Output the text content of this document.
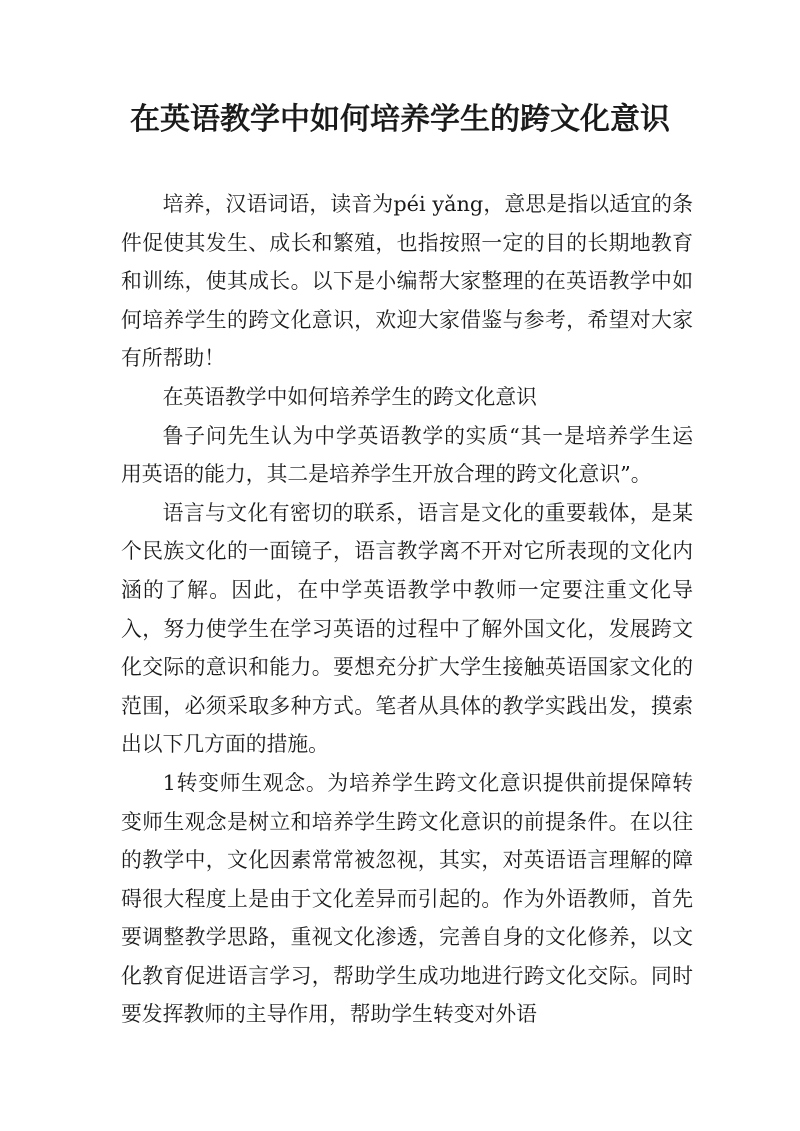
在英语教学中如何培养学生的跨文化意识

培养，汉语词语，读音为péi yǎng，意思是指以适宜的条件促使其发生、成长和繁殖，也指按照一定的目的长期地教育和训练，使其成长。以下是小编帮大家整理的在英语教学中如何培养学生的跨文化意识，欢迎大家借鉴与参考，希望对大家有所帮助！

在英语教学中如何培养学生的跨文化意识

鲁子问先生认为中学英语教学的实质“其一是培养学生运用英语的能力，其二是培养学生开放合理的跨文化意识”。

语言与文化有密切的联系，语言是文化的重要载体，是某个民族文化的一面镜子，语言教学离不开对它所表现的文化内涵的了解。因此，在中学英语教学中教师一定要注重文化导入，努力使学生在学习英语的过程中了解外国文化，发展跨文化交际的意识和能力。要想充分扩大学生接触英语国家文化的范围，必须采取多种方式。笔者从具体的教学实践出发，摸索出以下几方面的措施。

1转变师生观念。为培养学生跨文化意识提供前提保障转变师生观念是树立和培养学生跨文化意识的前提条件。在以往的教学中，文化因素常常被忽视，其实，对英语语言理解的障碍很大程度上是由于文化差异而引起的。作为外语教师，首先要调整教学思路，重视文化渗透，完善自身的文化修养，以文化教育促进语言学习，帮助学生成功地进行跨文化交际。同时要发挥教师的主导作用，帮助学生转变对外语
